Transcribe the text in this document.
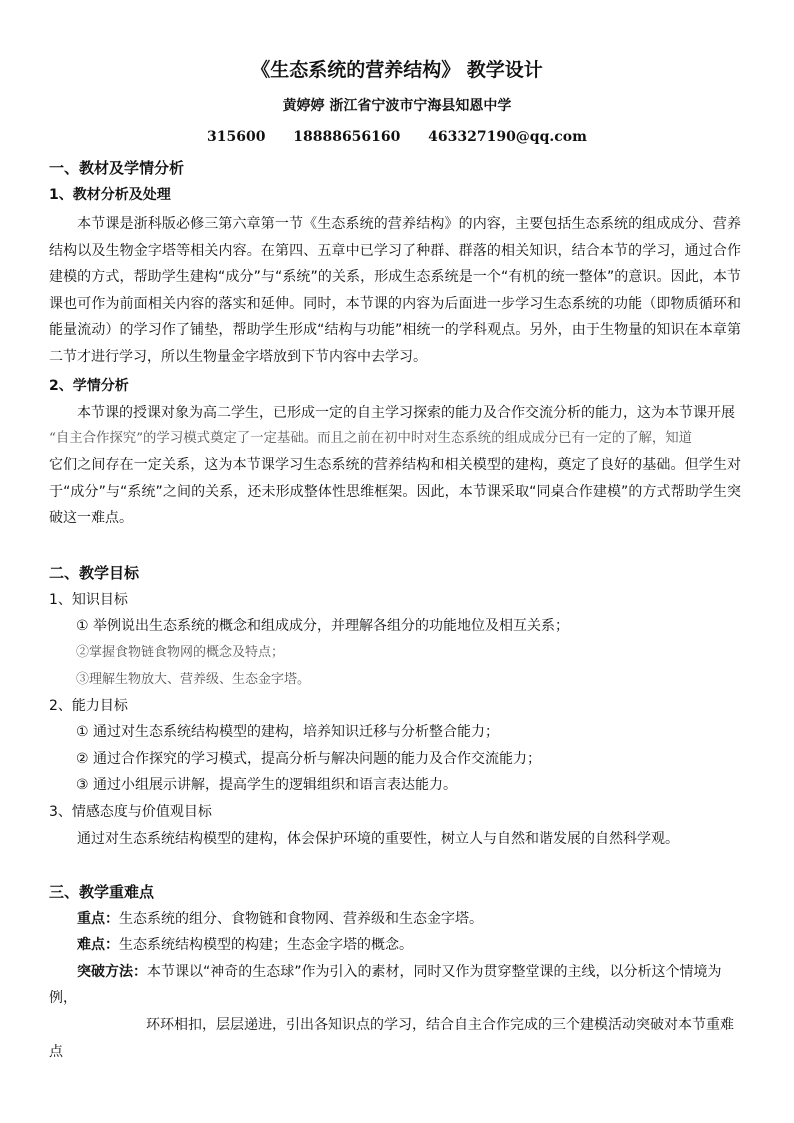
《生态系统的营养结构》 教学设计
黄婷婷 浙江省宁波市宁海县知恩中学
315600 18888656160 463327190@qq.com
一、教材及学情分析
1、教材分析及处理

本节课是浙科版必修三第六章第一节《生态系统的营养结构》的内容，主要包括生态系统的组成成分、营养结构以及生物金字塔等相关内容。在第四、五章中已学习了种群、群落的相关知识，结合本节的学习，通过合作建模的方式，帮助学生建构“成分”与“系统”的关系，形成生态系统是一个“有机的统一整体”的意识。因此，本节课也可作为前面相关内容的落实和延伸。同时，本节课的内容为后面进一步学习生态系统的功能（即物质循环和能量流动）的学习作了铺垫，帮助学生形成“结构与功能”相统一的学科观点。另外，由于生物量的知识在本章第二节才进行学习，所以生物量金字塔放到下节内容中去学习。

2、学情分析
本节课的授课对象为高二学生，已形成一定的自主学习探索的能力及合作交流分析的能力，这为本节课开展
“自主合作探究”的学习模式奠定了一定基础。而且之前在初中时对生态系统的组成成分已有一定的了解，知道

它们之间存在一定关系，这为本节课学习生态系统的营养结构和相关模型的建构，奠定了良好的基础。但学生对于“成分”与“系统”之间的关系，还未形成整体性思维框架。因此，本节课采取“同桌合作建模”的方式帮助学生突破这一难点。

二、教学目标
1、知识目标
① 举例说出生态系统的概念和组成成分，并理解各组分的功能地位及相互关系；
②掌握食物链食物网的概念及特点；
③理解生物放大、营养级、生态金字塔。
2、能力目标
① 通过对生态系统结构模型的建构，培养知识迁移与分析整合能力；
② 通过合作探究的学习模式，提高分析与解决问题的能力及合作交流能力；
③ 通过小组展示讲解，提高学生的逻辑组织和语言表达能力。
3、情感态度与价值观目标
通过对生态系统结构模型的建构，体会保护环境的重要性，树立人与自然和谐发展的自然科学观。
三、教学重难点
重点：生态系统的组分、食物链和食物网、营养级和生态金字塔。
难点：生态系统结构模型的构建；生态金字塔的概念。
突破方法：本节课以“神奇的生态球”作为引入的素材，同时又作为贯穿整堂课的主线，以分析这个情境为
例，
环环相扣，层层递进，引出各知识点的学习，结合自主合作完成的三个建模活动突破对本节重难
点
